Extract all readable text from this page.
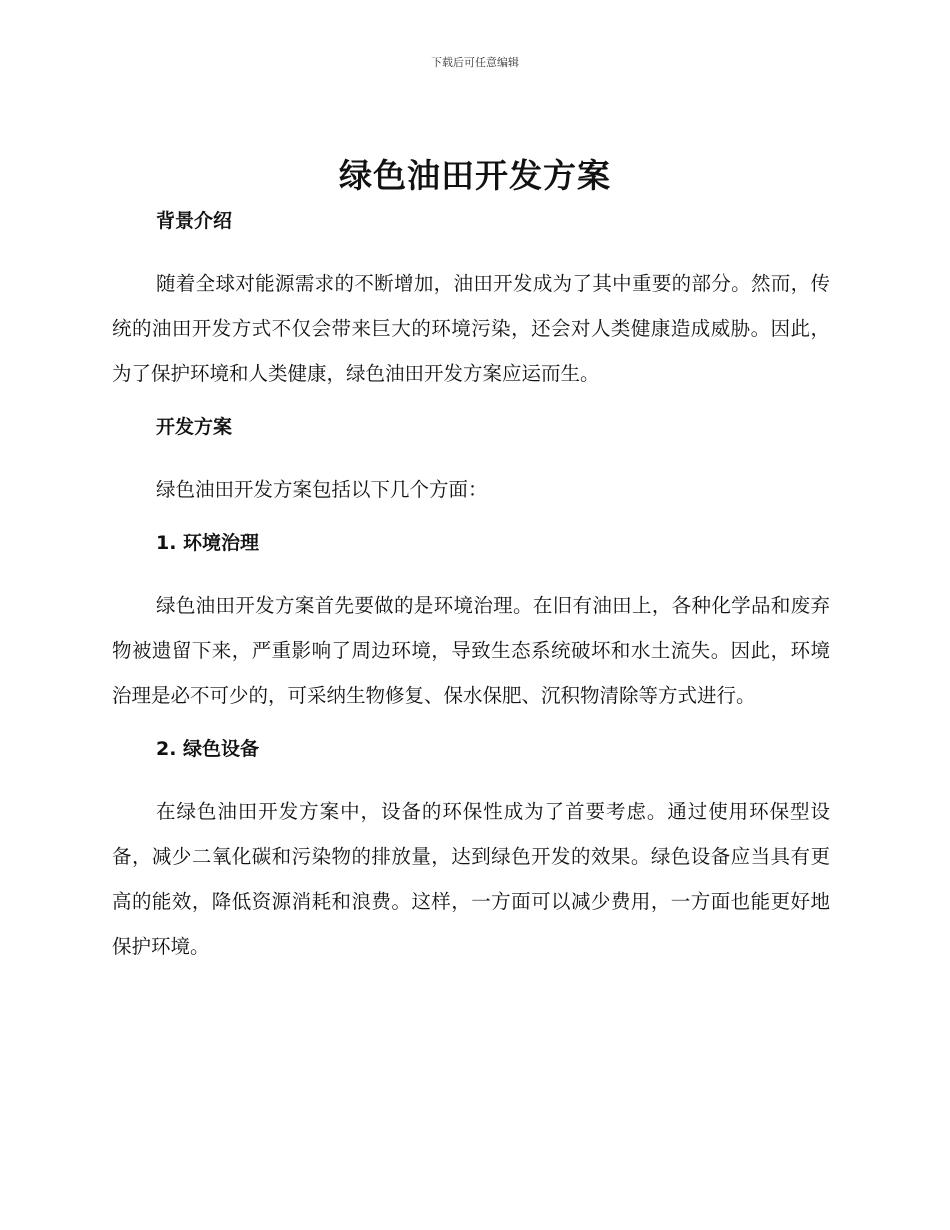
下载后可任意编辑
绿色油田开发方案

背景介绍

随着全球对能源需求的不断增加，油田开发成为了其中重要的部分。然而，传统的油田开发方式不仅会带来巨大的环境污染，还会对人类健康造成威胁。因此，为了保护环境和人类健康，绿色油田开发方案应运而生。

开发方案

绿色油田开发方案包括以下几个方面：

1. 环境治理

绿色油田开发方案首先要做的是环境治理。在旧有油田上，各种化学品和废弃物被遗留下来，严重影响了周边环境，导致生态系统破坏和水土流失。因此，环境治理是必不可少的，可采纳生物修复、保水保肥、沉积物清除等方式进行。

2. 绿色设备

在绿色油田开发方案中，设备的环保性成为了首要考虑。通过使用环保型设备，减少二氧化碳和污染物的排放量，达到绿色开发的效果。绿色设备应当具有更高的能效，降低资源消耗和浪费。这样，一方面可以减少费用，一方面也能更好地保护环境。
